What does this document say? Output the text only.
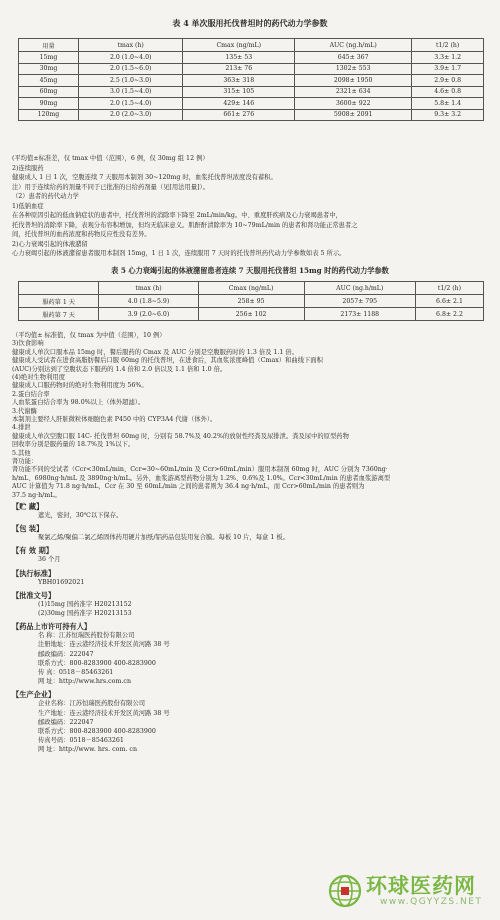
表 4 单次服用托伐普坦时的药代动力学参数
用量	tmax (h)	Cmax (ng/mL)	AUC (ng.h/mL)	t1/2 (h)
15mg	2.0 (1.0~4.0)	135± 53	645± 367	3.3± 1.2
30mg	2.0 (1.5~6.0)	213± 76	1302± 553	3.9± 1.7
45mg	2.5 (1.0~3.0)	363± 318	2098± 1950	2.9± 0.8
60mg	3.0 (1.5~4.0)	315± 105	2321± 634	4.6± 0.8
90mg	2.0 (1.5~4.0)	429± 146	3600± 922	5.8± 1.4
120mg	2.0 (2.0~3.0)	661± 276	5908± 2091	9.3± 3.2
(平均值±标准差，仅 tmax 中值（范围），6 例，仅 30mg 组 12 例）
2)连续服药
健康成人 1 日 1 次，空腹连续 7 天服用本制剂 30~120mg 时，血浆托伐普坦浓度没有蓄积。
注）用于连续给药的剂量不同于已批准的日给药剂量（见[用法用量]）。
（2）患者的药代动力学
1)低钠血症
在各种原因引起的低血钠症状的患者中，托伐普坦的消除率下降至 2mL/min/kg。中、重度肝疾病及心力衰竭患者中，
托伐普坦的消除率下降，表观分布容积增加，但均无临床意义。肌酐酐清除率为 10~79mL/min 的患者和肾功能正常患者之
间，托伐普坦的血药浓度和药物反应性没有差异。
2)心力衰竭引起的体液潴留
心力衰竭引起的体液潴留患者服用本制剂 15mg，1 日 1 次，连续服用 7 天时的托伐普坦药代动力学参数如表 5 所示。
表 5 心力衰竭引起的体液潴留患者连续 7 天服用托伐普坦 15mg 时的药代动力学参数
	tmax (h)	Cmax (ng/mL)	AUC (ng.h/mL)	t1/2 (h)
服药第 1 天	4.0 (1.8~5.9)	258± 95	2057± 795	6.6± 2.1
服药第 7 天	3.9 (2.0~6.0)	256± 102	2173± 1188	6.8± 2.2
（平均值± 标准值，仅 tmax 为中值（范围），10 例）
3)饮食影响
健康成人单次口服本品 15mg 时，餐后服药的 Cmax 及 AUC 分别是空腹服药时的 1.3 倍及 1.1 倍。
健康成人受试者在进食高脂肪餐后口服 60mg 的托伐普坦，在进食后，其血浆浓度峰值（Cmax）和曲线下面积
(AUC)分别达到了空腹状态下服药的 1.4 倍和 2.0 倍以及 1.1 倍和 1.0 倍。
(4)绝对生物利用度
健康成人口服药物时的绝对生物利用度为 56%。
2.蛋白结合率
人血浆蛋白结合率为 98.0%以上（体外超滤）。
3.代谢酶
本制剂主要经人肝脏微粒体细胞色素 P450 中的 CYP3A4 代谢（体外）。
4.排泄
健康成人单次空腹口服 14C- 托伐普坦 60mg 时，分别有 58.7%及 40.2%的放射性经粪及尿排泄。粪及尿中的原型药物
回收率分别是服药量的 18.7%及 1%以下。
5.其他
肾功能：
肾功能不同的受试者（Ccr<30mL/min、Ccr=30~60mL/min 及 Ccr>60mL/min）服用本制剂 60mg 时，AUC 分别为 7360ng·
h/mL、6980ng·h/mL 及 3890ng·h/mL。另外，血浆游离型药物分别为 1.2%、0.6%及 1.0%。Ccr<30mL/min 的患者血浆游离型
AUC 计算值为 71.8 ng·h/mL，Ccr 在 30 至 60mL/min 之间的患者则为 36.4 ng·h/mL，而 Ccr>60mL/min 的患者则为
37.5 ng·h/mL。
【贮 藏】
遮光，密封，30℃以下保存。
【包 装】
聚氯乙烯/聚偏二氯乙烯固体药用硬片加纸/铝药品包装用复合膜。每板 10 片，每盒 1 板。
【有 效 期】
36 个月
【执行标准】
YBH01692021
【批准文号】
(1)15mg 国药准字 H20213152
(2)30mg 国药准字 H20213153
【药品上市许可持有人】
名 称：江苏恒瑞医药股份有限公司
注册地址：连云港经济技术开发区黄河路 38 号
邮政编码：222047
联系方式：800-8283900 400-8283900
传 真：0518－85463261
网 址：http://www.hrs.com.cn
【生产企业】
企业名称：江苏恒瑞医药股份有限公司
生产地址：连云港经济技术开发区黄河路 38 号
邮政编码：222047
联系方式：800-8283900 400-8283900
传真号码：0518－85463261
网 址：http://www. hrs. com. cn
环球医药网
www.QGYYZS.NET
